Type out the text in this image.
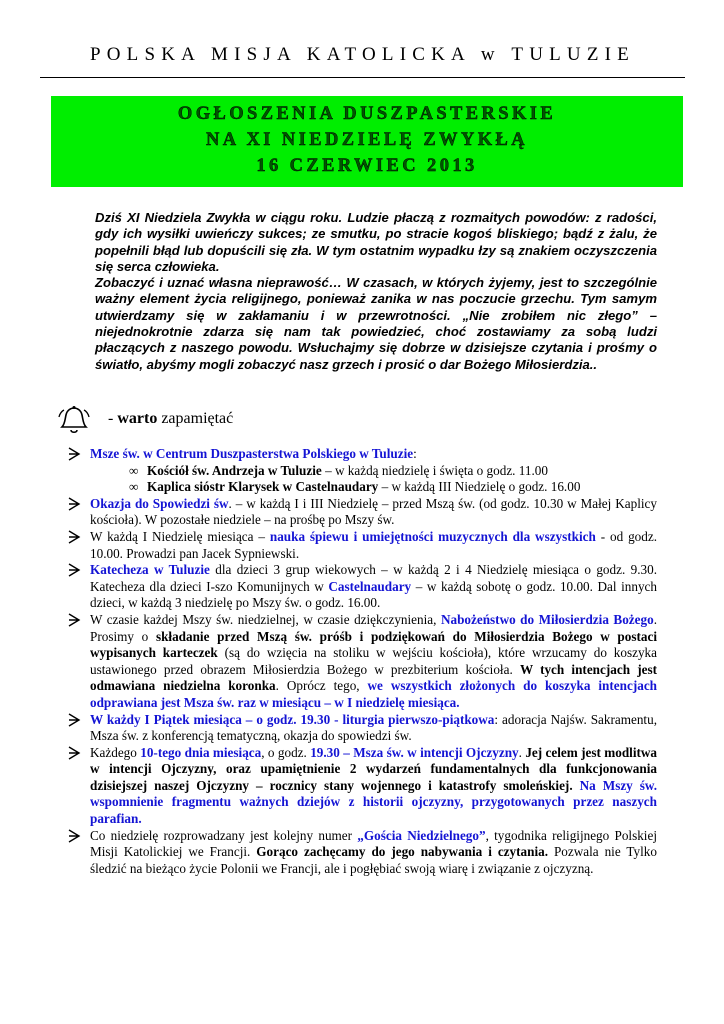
POLSKA MISJA KATOLICKA w TULUZIE
OGŁOSZENIA DUSZPASTERSKIE
NA XI NIEDZIELĘ ZWYKŁĄ
16 CZERWIEC 2013

Dziś XI Niedziela Zwykła w ciągu roku. Ludzie płaczą z rozmaitych powodów: z radości, gdy ich wysiłki uwieńczy sukces; ze smutku, po stracie kogoś bliskiego; bądź z żalu, że popełnili błąd lub dopuścili się zła. W tym ostatnim wypadku łzy są znakiem oczyszczenia się serca człowieka.

Zobaczyć i uznać własna nieprawość… W czasach, w których żyjemy, jest to szczególnie ważny element życia religijnego, ponieważ zanika w nas poczucie grzechu. Tym samym utwierdzamy się w zakłamaniu i w przewrotności. „Nie zrobiłem nic złego” – niejednokrotnie zdarza się nam tak powiedzieć, choć zostawiamy za sobą ludzi płaczących z naszego powodu. Wsłuchajmy się dobrze w dzisiejsze czytania i prośmy o światło, abyśmy mogli zobaczyć nasz grzech i prosić o dar Bożego Miłosierdzia..

- warto zapamiętać
Msze św. w Centrum Duszpasterstwa Polskiego w Tuluzie:
∞ Kościół św. Andrzeja w Tuluzie – w każdą niedzielę i święta o godz. 11.00
∞ Kaplica sióstr Klarysek w Castelnaudary – w każdą III Niedzielę o godz. 16.00
Okazja do Spowiedzi św. – w każdą I i III Niedzielę – przed Mszą św. (od godz. 10.30 w Małej Kaplicy kościoła). W pozostałe niedziele – na prośbę po Mszy św.
W każdą I Niedzielę miesiąca – nauka śpiewu i umiejętności muzycznych dla wszystkich - od godz. 10.00. Prowadzi pan Jacek Sypniewski.
Katecheza w Tuluzie dla dzieci 3 grup wiekowych – w każdą 2 i 4 Niedzielę miesiąca o godz. 9.30. Katecheza dla dzieci I-szo Komunijnych w Castelnaudary – w każdą sobotę o godz. 10.00. Dal innych dzieci, w każdą 3 niedzielę po Mszy św. o godz. 16.00.
W czasie każdej Mszy św. niedzielnej, w czasie dziękczynienia, Nabożeństwo do Miłosierdzia Bożego. Prosimy o składanie przed Mszą św. próśb i podziękowań do Miłosierdzia Bożego w postaci wypisanych karteczek (są do wzięcia na stoliku w wejściu kościoła), które wrzucamy do koszyka ustawionego przed obrazem Miłosierdzia Bożego w prezbiterium kościoła. W tych intencjach jest odmawiana niedzielna koronka. Oprócz tego, we wszystkich złożonych do koszyka intencjach odprawiana jest Msza św. raz w miesiącu – w I niedzielę miesiąca.
W każdy I Piątek miesiąca – o godz. 19.30 - liturgia pierwszo-piątkowa: adoracja Najśw. Sakramentu, Msza św. z konferencją tematyczną, okazja do spowiedzi św.
Każdego 10-tego dnia miesiąca, o godz. 19.30 – Msza św. w intencji Ojczyzny. Jej celem jest modlitwa w intencji Ojczyzny, oraz upamiętnienie 2 wydarzeń fundamentalnych dla funkcjonowania dzisiejszej naszej Ojczyzny – rocznicy stany wojennego i katastrofy smoleńskiej. Na Mszy św. wspomnienie fragmentu ważnych dziejów z historii ojczyzny, przygotowanych przez naszych parafian.
Co niedzielę rozprowadzany jest kolejny numer „Gościa Niedzielnego”, tygodnika religijnego Polskiej Misji Katolickiej we Francji. Gorąco zachęcamy do jego nabywania i czytania. Pozwala nie Tylko śledzić na bieżąco życie Polonii we Francji, ale i pogłębiać swoją wiarę i związanie z ojczyzną.
